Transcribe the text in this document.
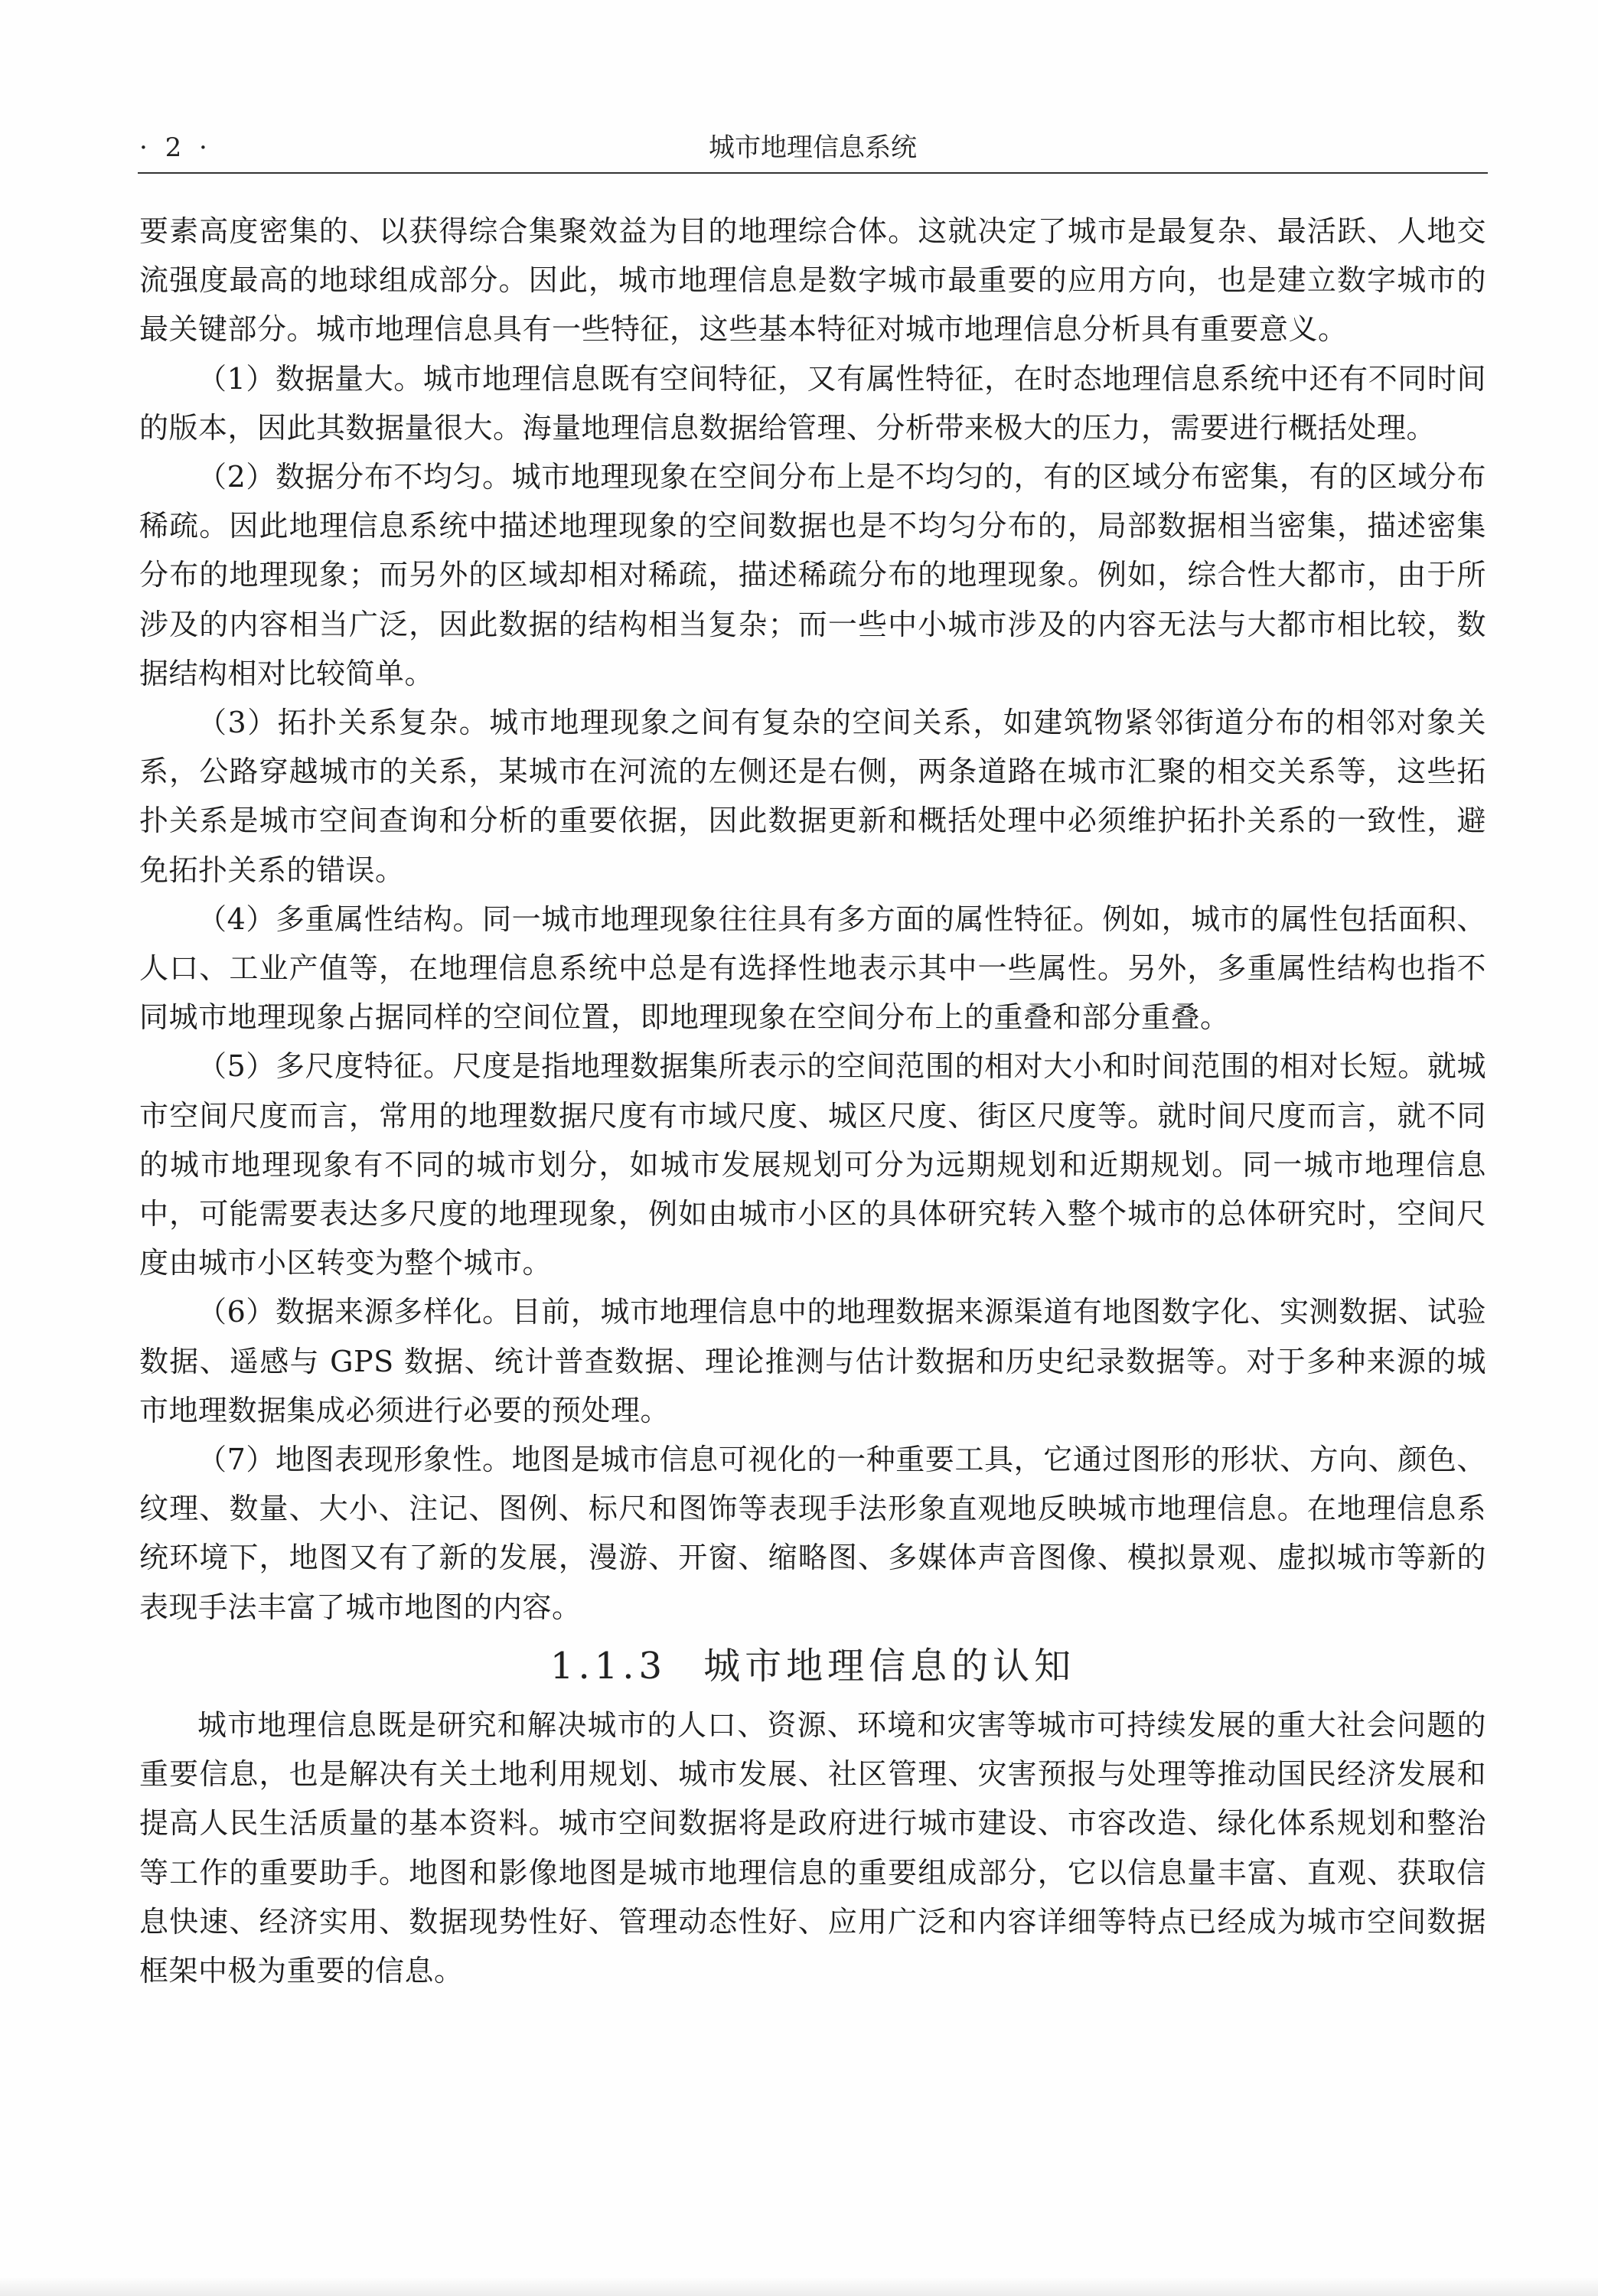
· 2 ·	城市地理信息系统

要素高度密集的、以获得综合集聚效益为目的地理综合体。这就决定了城市是最复杂、最活跃、人地交流强度最高的地球组成部分。因此，城市地理信息是数字城市最重要的应用方向，也是建立数字城市的最关键部分。城市地理信息具有一些特征，这些基本特征对城市地理信息分析具有重要意义。

（1）数据量大。城市地理信息既有空间特征，又有属性特征，在时态地理信息系统中还有不同时间的版本，因此其数据量很大。海量地理信息数据给管理、分析带来极大的压力，需要进行概括处理。

（2）数据分布不均匀。城市地理现象在空间分布上是不均匀的，有的区域分布密集，有的区域分布稀疏。因此地理信息系统中描述地理现象的空间数据也是不均匀分布的，局部数据相当密集，描述密集分布的地理现象；而另外的区域却相对稀疏，描述稀疏分布的地理现象。例如，综合性大都市，由于所涉及的内容相当广泛，因此数据的结构相当复杂；而一些中小城市涉及的内容无法与大都市相比较，数据结构相对比较简单。

（3）拓扑关系复杂。城市地理现象之间有复杂的空间关系，如建筑物紧邻街道分布的相邻对象关系，公路穿越城市的关系，某城市在河流的左侧还是右侧，两条道路在城市汇聚的相交关系等，这些拓扑关系是城市空间查询和分析的重要依据，因此数据更新和概括处理中必须维护拓扑关系的一致性，避免拓扑关系的错误。

（4）多重属性结构。同一城市地理现象往往具有多方面的属性特征。例如，城市的属性包括面积、人口、工业产值等，在地理信息系统中总是有选择性地表示其中一些属性。另外，多重属性结构也指不同城市地理现象占据同样的空间位置，即地理现象在空间分布上的重叠和部分重叠。

（5）多尺度特征。尺度是指地理数据集所表示的空间范围的相对大小和时间范围的相对长短。就城市空间尺度而言，常用的地理数据尺度有市域尺度、城区尺度、街区尺度等。就时间尺度而言，就不同的城市地理现象有不同的城市划分，如城市发展规划可分为远期规划和近期规划。同一城市地理信息中，可能需要表达多尺度的地理现象，例如由城市小区的具体研究转入整个城市的总体研究时，空间尺度由城市小区转变为整个城市。

（6）数据来源多样化。目前，城市地理信息中的地理数据来源渠道有地图数字化、实测数据、试验数据、遥感与 GPS 数据、统计普查数据、理论推测与估计数据和历史纪录数据等。对于多种来源的城市地理数据集成必须进行必要的预处理。

（7）地图表现形象性。地图是城市信息可视化的一种重要工具，它通过图形的形状、方向、颜色、纹理、数量、大小、注记、图例、标尺和图饰等表现手法形象直观地反映城市地理信息。在地理信息系统环境下，地图又有了新的发展，漫游、开窗、缩略图、多媒体声音图像、模拟景观、虚拟城市等新的表现手法丰富了城市地图的内容。

1.1.3 城市地理信息的认知

城市地理信息既是研究和解决城市的人口、资源、环境和灾害等城市可持续发展的重大社会问题的重要信息，也是解决有关土地利用规划、城市发展、社区管理、灾害预报与处理等推动国民经济发展和提高人民生活质量的基本资料。城市空间数据将是政府进行城市建设、市容改造、绿化体系规划和整治等工作的重要助手。地图和影像地图是城市地理信息的重要组成部分，它以信息量丰富、直观、获取信息快速、经济实用、数据现势性好、管理动态性好、应用广泛和内容详细等特点已经成为城市空间数据框架中极为重要的信息。
